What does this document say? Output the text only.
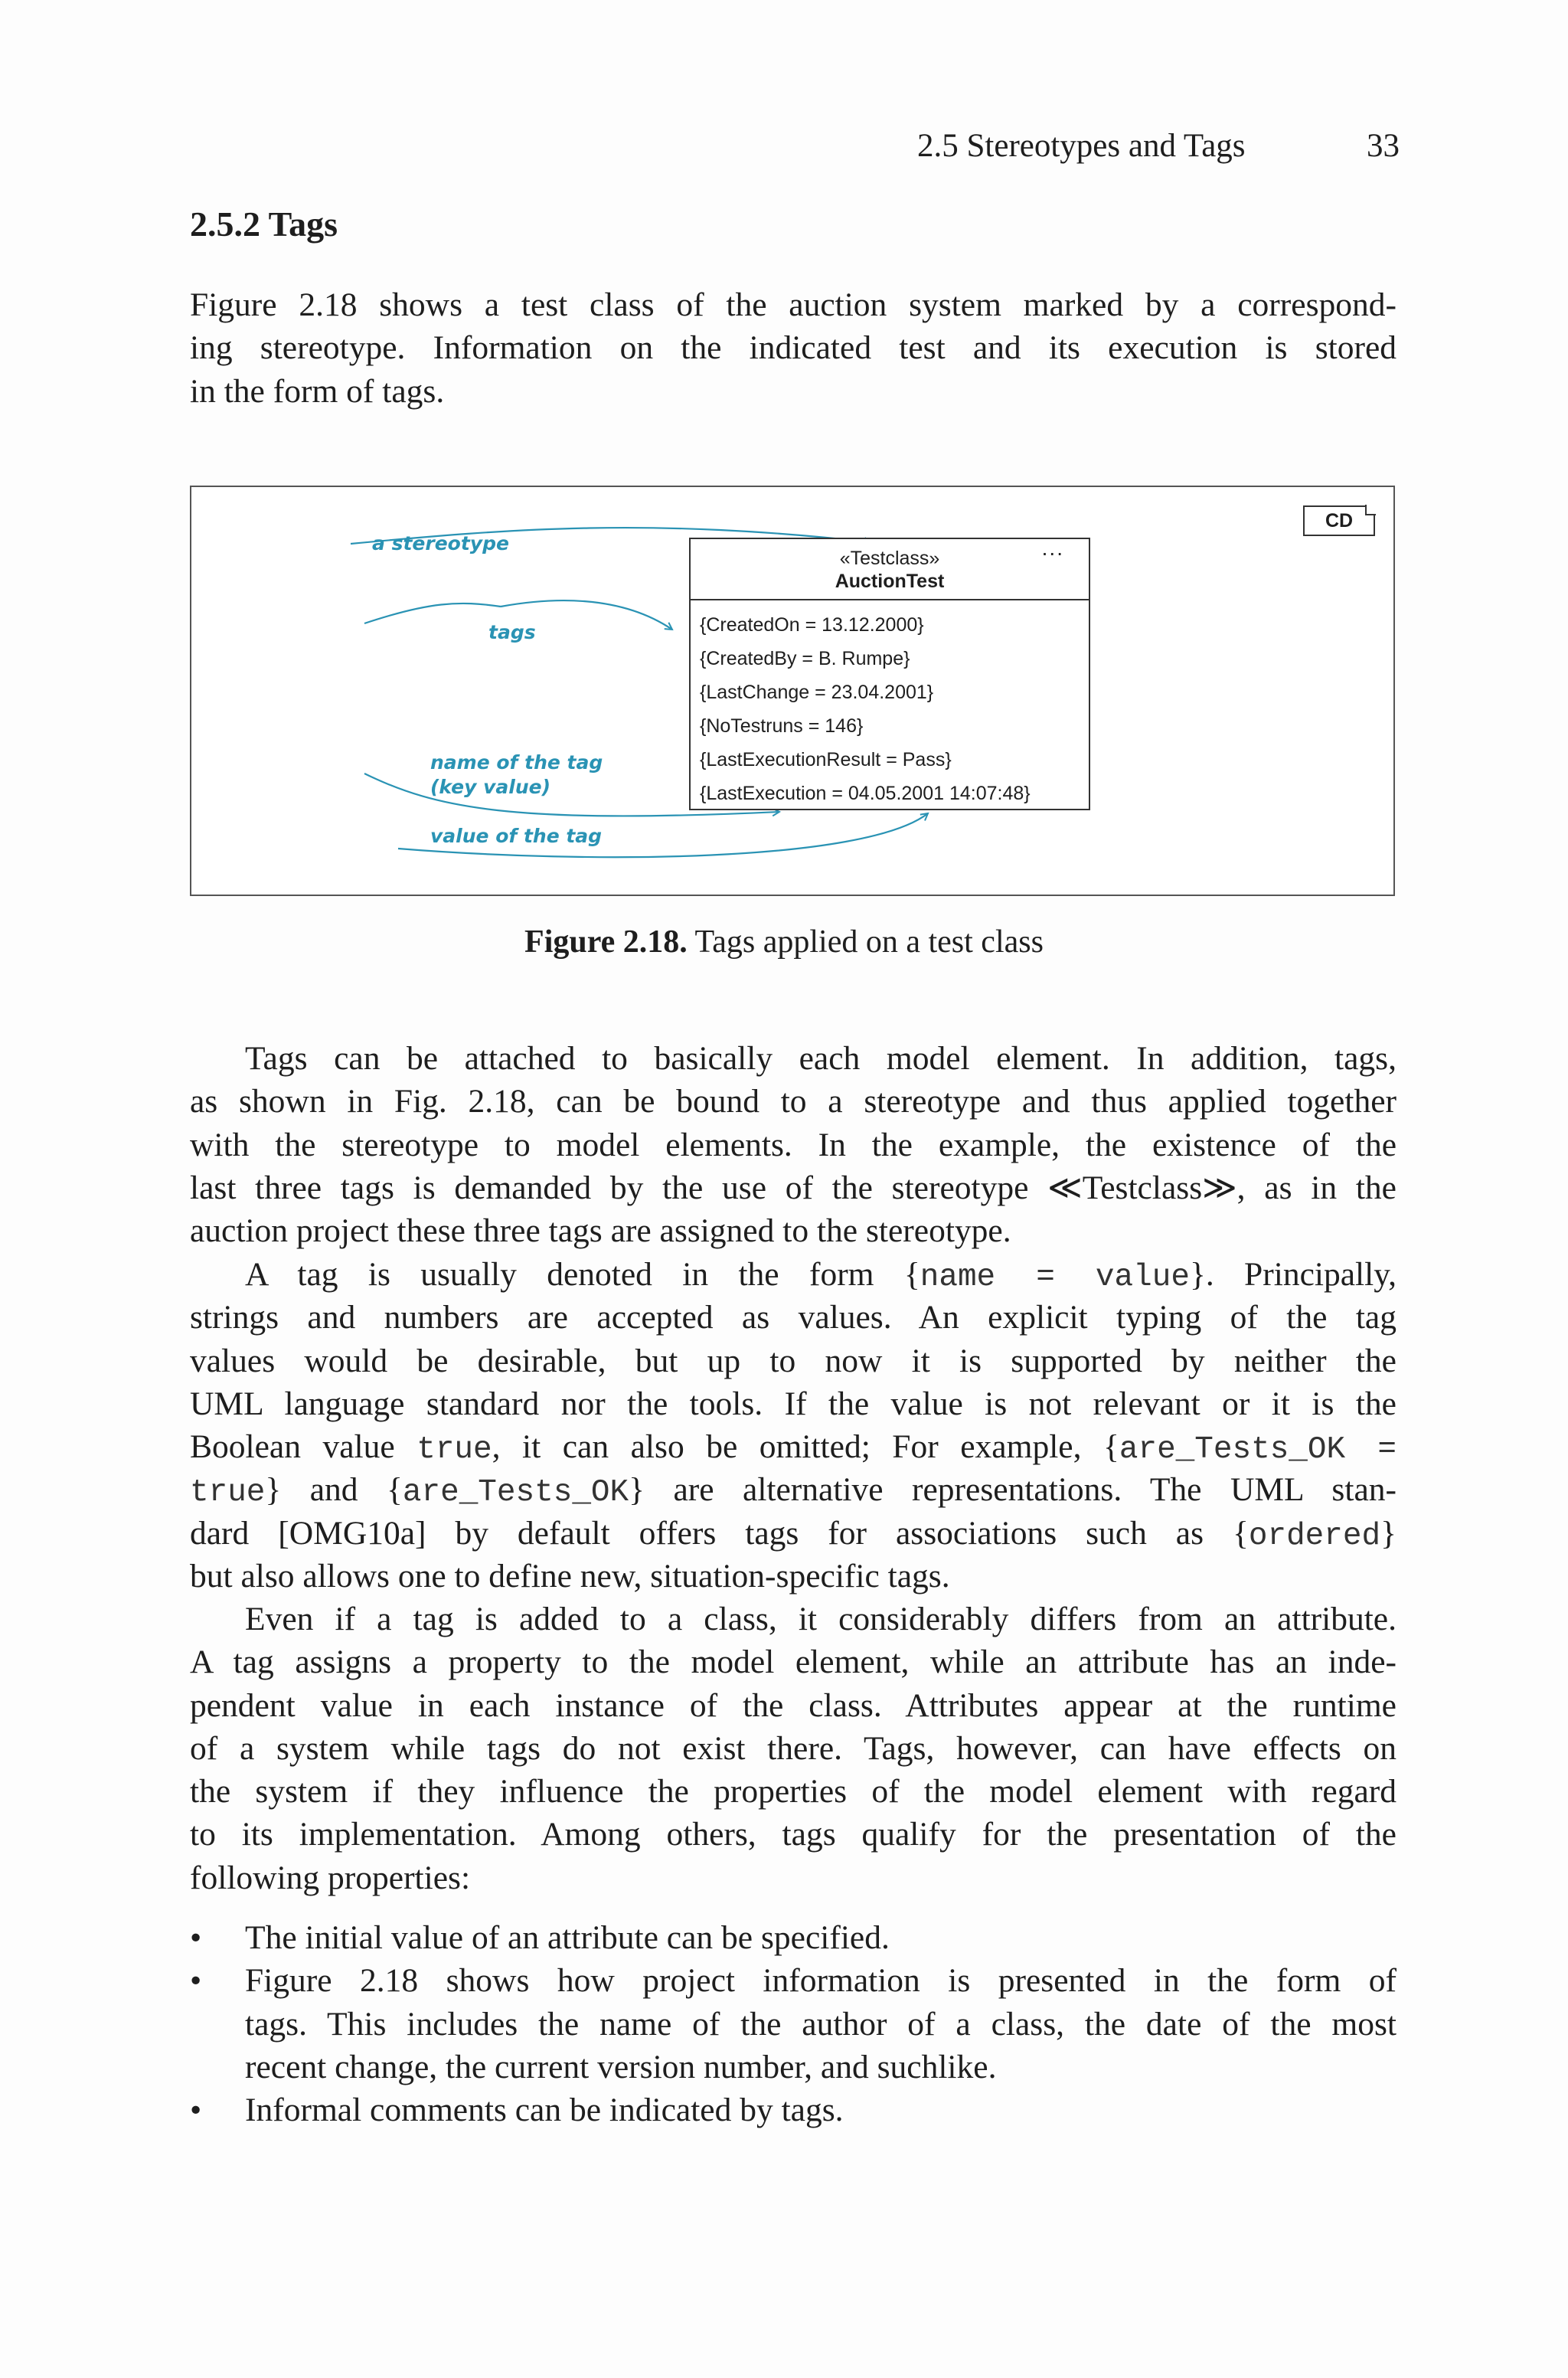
2.5 Stereotypes and Tags	33
2.5.2 Tags

Figure 2.18 shows a test class of the auction system marked by a correspond-
ing stereotype. Information on the indicated test and its execution is stored
in the form of tags.

CD
a stereotype
tags
name of the tag
(key value)
value of the tag
«Testclass»
AuctionTest
...
{CreatedOn = 13.12.2000}
{CreatedBy = B. Rumpe}
{LastChange = 23.04.2001}
{NoTestruns = 146}
{LastExecutionResult = Pass}
{LastExecution = 04.05.2001 14:07:48}
Figure 2.18. Tags applied on a test class

Tags can be attached to basically each model element. In addition, tags,
as shown in Fig. 2.18, can be bound to a stereotype and thus applied together
with the stereotype to model elements. In the example, the existence of the
last three tags is demanded by the use of the stereotype ≪Testclass≫, as in the
auction project these three tags are assigned to the stereotype.

A tag is usually denoted in the form {name = value}. Principally,
strings and numbers are accepted as values. An explicit typing of the tag
values would be desirable, but up to now it is supported by neither the
UML language standard nor the tools. If the value is not relevant or it is the
Boolean value true, it can also be omitted; For example, {are_Tests_OK =
true} and {are_Tests_OK} are alternative representations. The UML stan-
dard [OMG10a] by default offers tags for associations such as {ordered}
but also allows one to define new, situation-specific tags.

Even if a tag is added to a class, it considerably differs from an attribute.
A tag assigns a property to the model element, while an attribute has an inde-
pendent value in each instance of the class. Attributes appear at the runtime
of a system while tags do not exist there. Tags, however, can have effects on
the system if they influence the properties of the model element with regard
to its implementation. Among others, tags qualify for the presentation of the
following properties:

• The initial value of an attribute can be specified.
• Figure 2.18 shows how project information is presented in the form of
tags. This includes the name of the author of a class, the date of the most
recent change, the current version number, and suchlike.
• Informal comments can be indicated by tags.
